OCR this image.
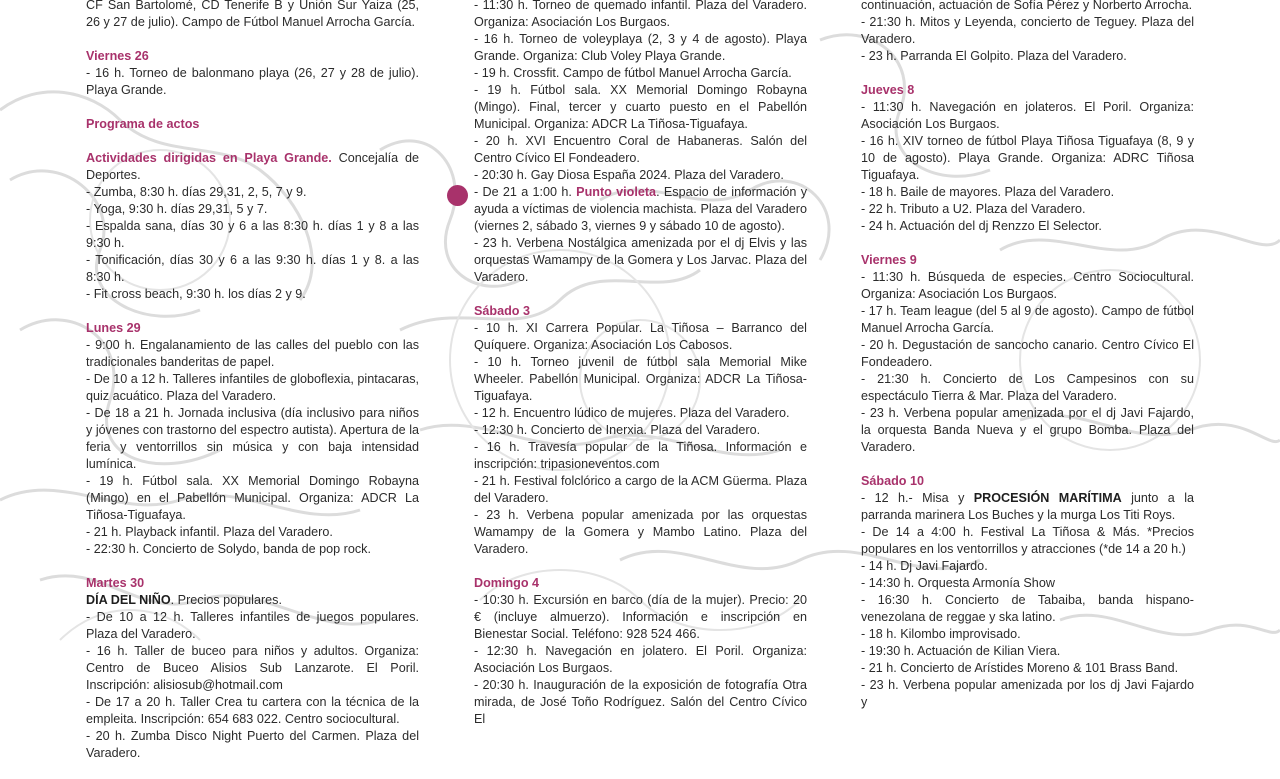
CF San Bartolomé, CD Tenerife B y Unión Sur Yaiza (25, 26 y 27 de julio). Campo de Fútbol Manuel Arrocha García.

Viernes 26

- 16 h. Torneo de balonmano playa (26, 27 y 28 de julio). Playa Grande.

Programa de actos

Actividades dirigidas en Playa Grande. Concejalía de Deportes.

- Zumba, 8:30 h. días 29,31, 2, 5, 7 y 9.

- Yoga, 9:30 h. días 29,31, 5 y 7.

- Espalda sana, días 30 y 6 a las 8:30 h. días 1 y 8 a las 9:30 h.

- Tonificación, días 30 y 6 a las 9:30 h. días 1 y 8. a las 8:30 h.

- Fit cross beach, 9:30 h. los días 2 y 9.

Lunes 29

- 9:00 h. Engalanamiento de las calles del pueblo con las tradicionales banderitas de papel.

- De 10 a 12 h. Talleres infantiles de globoflexia, pintacaras, quiz acuático. Plaza del Varadero.

- De 18 a 21 h. Jornada inclusiva (día inclusivo para niños y jóvenes con trastorno del espectro autista). Apertura de la feria y ventorrillos sin música y con baja intensidad lumínica.

- 19 h. Fútbol sala. XX Memorial Domingo Robayna (Mingo) en el Pabellón Municipal. Organiza: ADCR La Tiñosa-Tiguafaya.

- 21 h. Playback infantil. Plaza del Varadero.

- 22:30 h. Concierto de Solydo, banda de pop rock.

Martes 30

DÍA DEL NIÑO. Precios populares.

- De 10 a 12 h. Talleres infantiles de juegos populares. Plaza del Varadero.

- 16 h. Taller de buceo para niños y adultos. Organiza: Centro de Buceo Alisios Sub Lanzarote. El Poril. Inscripción: alisiosub@hotmail.com

- De 17 a 20 h. Taller Crea tu cartera con la técnica de la empleita. Inscripción: 654 683 022. Centro sociocultural.

- 20 h. Zumba Disco Night Puerto del Carmen. Plaza del Varadero.

- 11:30 h. Torneo de quemado infantil. Plaza del Varadero. Organiza: Asociación Los Burgaos.

- 16 h. Torneo de voleyplaya (2, 3 y 4 de agosto). Playa Grande. Organiza: Club Voley Playa Grande.

- 19 h. Crossfit. Campo de fútbol Manuel Arrocha García.

- 19 h. Fútbol sala. XX Memorial Domingo Robayna (Mingo). Final, tercer y cuarto puesto en el Pabellón Municipal. Organiza: ADCR La Tiñosa-Tiguafaya.

- 20 h. XVI Encuentro Coral de Habaneras. Salón del Centro Cívico El Fondeadero.

- 20:30 h. Gay Diosa España 2024. Plaza del Varadero.

- De 21 a 1:00 h. Punto violeta. Espacio de información y ayuda a víctimas de violencia machista. Plaza del Varadero (viernes 2, sábado 3, viernes 9 y sábado 10 de agosto).

- 23 h. Verbena Nostálgica amenizada por el dj Elvis y las orquestas Wamampy de la Gomera y Los Jarvac. Plaza del Varadero.

Sábado 3

- 10 h. XI Carrera Popular. La Tiñosa – Barranco del Quíquere. Organiza: Asociación Los Cabosos.

- 10 h. Torneo juvenil de fútbol sala Memorial Mike Wheeler. Pabellón Municipal. Organiza: ADCR La Tiñosa-Tiguafaya.

- 12 h. Encuentro lúdico de mujeres. Plaza del Varadero.

- 12:30 h. Concierto de Inerxia. Plaza del Varadero.

- 16 h. Travesía popular de la Tiñosa. Información e inscripción: tripasioneventos.com

- 21 h. Festival folclórico a cargo de la ACM Güerma. Plaza del Varadero.

- 23 h. Verbena popular amenizada por las orquestas Wamampy de la Gomera y Mambo Latino. Plaza del Varadero.

Domingo 4

- 10:30 h. Excursión en barco (día de la mujer). Precio: 20 € (incluye almuerzo). Información e inscripción en Bienestar Social. Teléfono: 928 524 466.

- 12:30 h. Navegación en jolatero. El Poril. Organiza: Asociación Los Burgaos.

- 20:30 h. Inauguración de la exposición de fotografía Otra mirada, de José Toño Rodríguez. Salón del Centro Cívico El

continuación, actuación de Sofía Pérez y Norberto Arrocha.

- 21:30 h. Mitos y Leyenda, concierto de Teguey. Plaza del Varadero.

- 23 h. Parranda El Golpito. Plaza del Varadero.

Jueves 8

- 11:30 h. Navegación en jolateros. El Poril. Organiza: Asociación Los Burgaos.

- 16 h. XIV torneo de fútbol Playa Tiñosa Tiguafaya (8, 9 y 10 de agosto). Playa Grande. Organiza: ADRC Tiñosa Tiguafaya.

- 18 h. Baile de mayores. Plaza del Varadero.

- 22 h. Tributo a U2. Plaza del Varadero.

- 24 h. Actuación del dj Renzzo El Selector.

Viernes 9

- 11:30 h. Búsqueda de especies. Centro Sociocultural. Organiza: Asociación Los Burgaos.

- 17 h. Team league (del 5 al 9 de agosto). Campo de fútbol Manuel Arrocha García.

- 20 h. Degustación de sancocho canario. Centro Cívico El Fondeadero.

- 21:30 h. Concierto de Los Campesinos con su espectáculo Tierra & Mar. Plaza del Varadero.

- 23 h. Verbena popular amenizada por el dj Javi Fajardo, la orquesta Banda Nueva y el grupo Bomba. Plaza del Varadero.

Sábado 10

- 12 h.- Misa y PROCESIÓN MARÍTIMA junto a la parranda marinera Los Buches y la murga Los Titi Roys.

- De 14 a 4:00 h. Festival La Tiñosa & Más. *Precios populares en los ventorrillos y atracciones (*de 14 a 20 h.)

- 14 h. Dj Javi Fajardo.

- 14:30 h. Orquesta Armonía Show

- 16:30 h. Concierto de Tabaiba, banda hispano-venezolana de reggae y ska latino.

- 18 h. Kilombo improvisado.

- 19:30 h. Actuación de Kilian Viera.

- 21 h. Concierto de Arístides Moreno & 101 Brass Band.

- 23 h. Verbena popular amenizada por los dj Javi Fajardo y
